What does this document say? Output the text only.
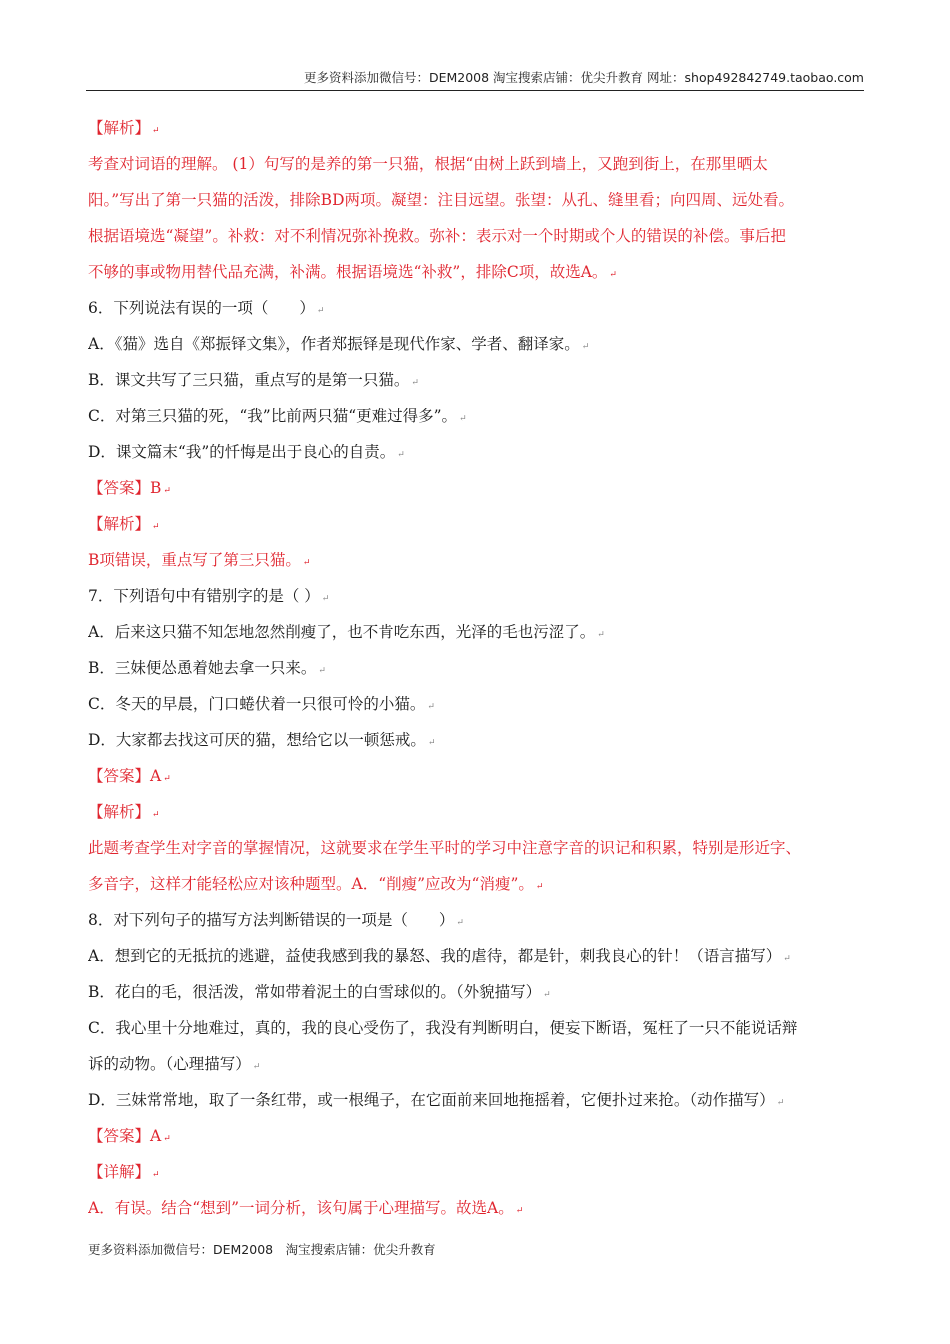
更多资料添加微信号：DEM2008 淘宝搜索店铺：优尖升教育 网址：shop492842749.taobao.com
【解析】 ↵
考查对词语的理解。 (1）句写的是养的第一只猫，根据“由树上跃到墙上，又跑到街上，在那里晒太
阳。”写出了第一只猫的活泼，排除BD两项。凝望：注目远望。张望：从孔、缝里看；向四周、远处看。
根据语境选“凝望”。补救：对不利情况弥补挽救。弥补：表示对一个时期或个人的错误的补偿。事后把
不够的事或物用替代品充满，补满。根据语境选“补救”，排除C项，故选A。 ↵
6．下列说法有误的一项（　　） ↵
A．《猫》选自《郑振铎文集》，作者郑振铎是现代作家、学者、翻译家。 ↵
B．课文共写了三只猫，重点写的是第一只猫。 ↵
C．对第三只猫的死，“我”比前两只猫“更难过得多”。 ↵
D．课文篇末“我”的忏悔是出于良心的自责。 ↵
【答案】B ↵
【解析】 ↵
B项错误，重点写了第三只猫。 ↵
7．下列语句中有错别字的是（ ） ↵
A．后来这只猫不知怎地忽然削瘦了，也不肯吃东西，光泽的毛也污涩了。 ↵
B．三妹便怂恿着她去拿一只来。 ↵
C．冬天的早晨，门口蜷伏着一只很可怜的小猫。 ↵
D．大家都去找这可厌的猫，想给它以一顿惩戒。 ↵
【答案】A ↵
【解析】 ↵
此题考查学生对字音的掌握情况，这就要求在学生平时的学习中注意字音的识记和积累，特别是形近字、
多音字，这样才能轻松应对该种题型。A．“削瘦”应改为“消瘦”。 ↵
8．对下列句子的描写方法判断错误的一项是（　　） ↵
A．想到它的无抵抗的逃避，益使我感到我的暴怒、我的虐待，都是针，刺我良心的针！（语言描写） ↵
B．花白的毛，很活泼，常如带着泥土的白雪球似的。（外貌描写） ↵
C．我心里十分地难过，真的，我的良心受伤了，我没有判断明白，便妄下断语，冤枉了一只不能说话辩
诉的动物。（心理描写） ↵
D．三妹常常地，取了一条红带，或一根绳子，在它面前来回地拖摇着，它便扑过来抢。（动作描写） ↵
【答案】A ↵
【详解】 ↵
A．有误。结合“想到”一词分析，该句属于心理描写。故选A。 ↵
更多资料添加微信号：DEM2008　淘宝搜索店铺：优尖升教育
